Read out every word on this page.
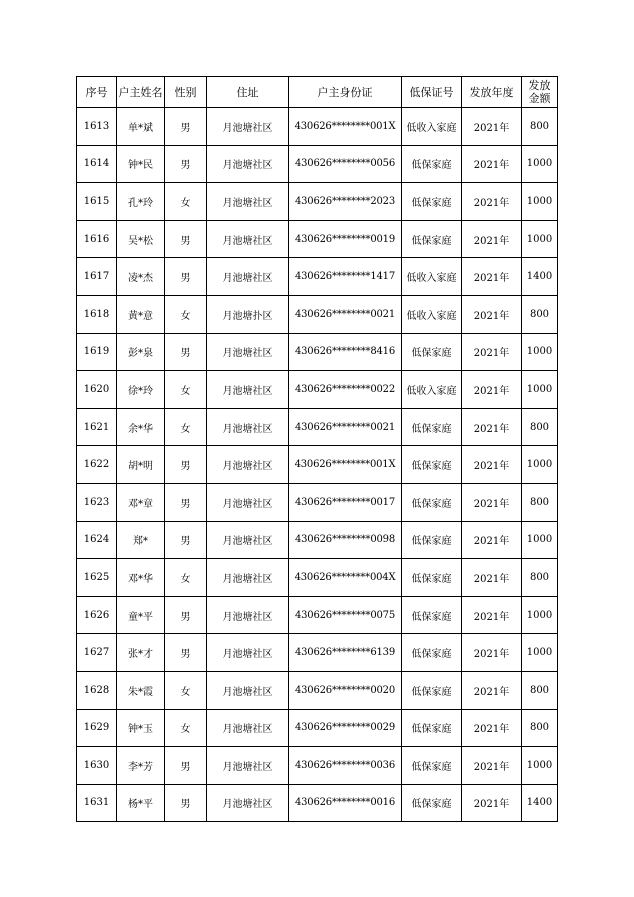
序号	户主姓名	性别	住址	户主身份证	低保证号	发放年度	发放
金额
1613	单*斌	男	月池塘社区	430626********001X	低收入家庭	2021年	800
1614	钟*民	男	月池塘社区	430626********0056	低保家庭	2021年	1000
1615	孔*玲	女	月池塘社区	430626********2023	低保家庭	2021年	1000
1616	吴*松	男	月池塘社区	430626********0019	低保家庭	2021年	1000
1617	凌*杰	男	月池塘社区	430626********1417	低收入家庭	2021年	1400
1618	黄*意	女	月池塘扑区	430626********0021	低收入家庭	2021年	800
1619	彭*泉	男	月池塘社区	430626********8416	低保家庭	2021年	1000
1620	徐*玲	女	月池塘社区	430626********0022	低收入家庭	2021年	1000
1621	余*华	女	月池塘社区	430626********0021	低保家庭	2021年	800
1622	胡*明	男	月池塘社区	430626********001X	低保家庭	2021年	1000
1623	邓*章	男	月池塘社区	430626********0017	低保家庭	2021年	800
1624	郑*	男	月池塘社区	430626********0098	低保家庭	2021年	1000
1625	邓*华	女	月池塘社区	430626********004X	低保家庭	2021年	800
1626	童*平	男	月池塘社区	430626********0075	低保家庭	2021年	1000
1627	张*才	男	月池塘社区	430626********6139	低保家庭	2021年	1000
1628	朱*霞	女	月池塘社区	430626********0020	低保家庭	2021年	800
1629	钟*玉	女	月池塘社区	430626********0029	低保家庭	2021年	800
1630	李*芳	男	月池塘社区	430626********0036	低保家庭	2021年	1000
1631	杨*平	男	月池塘社区	430626********0016	低保家庭	2021年	1400
